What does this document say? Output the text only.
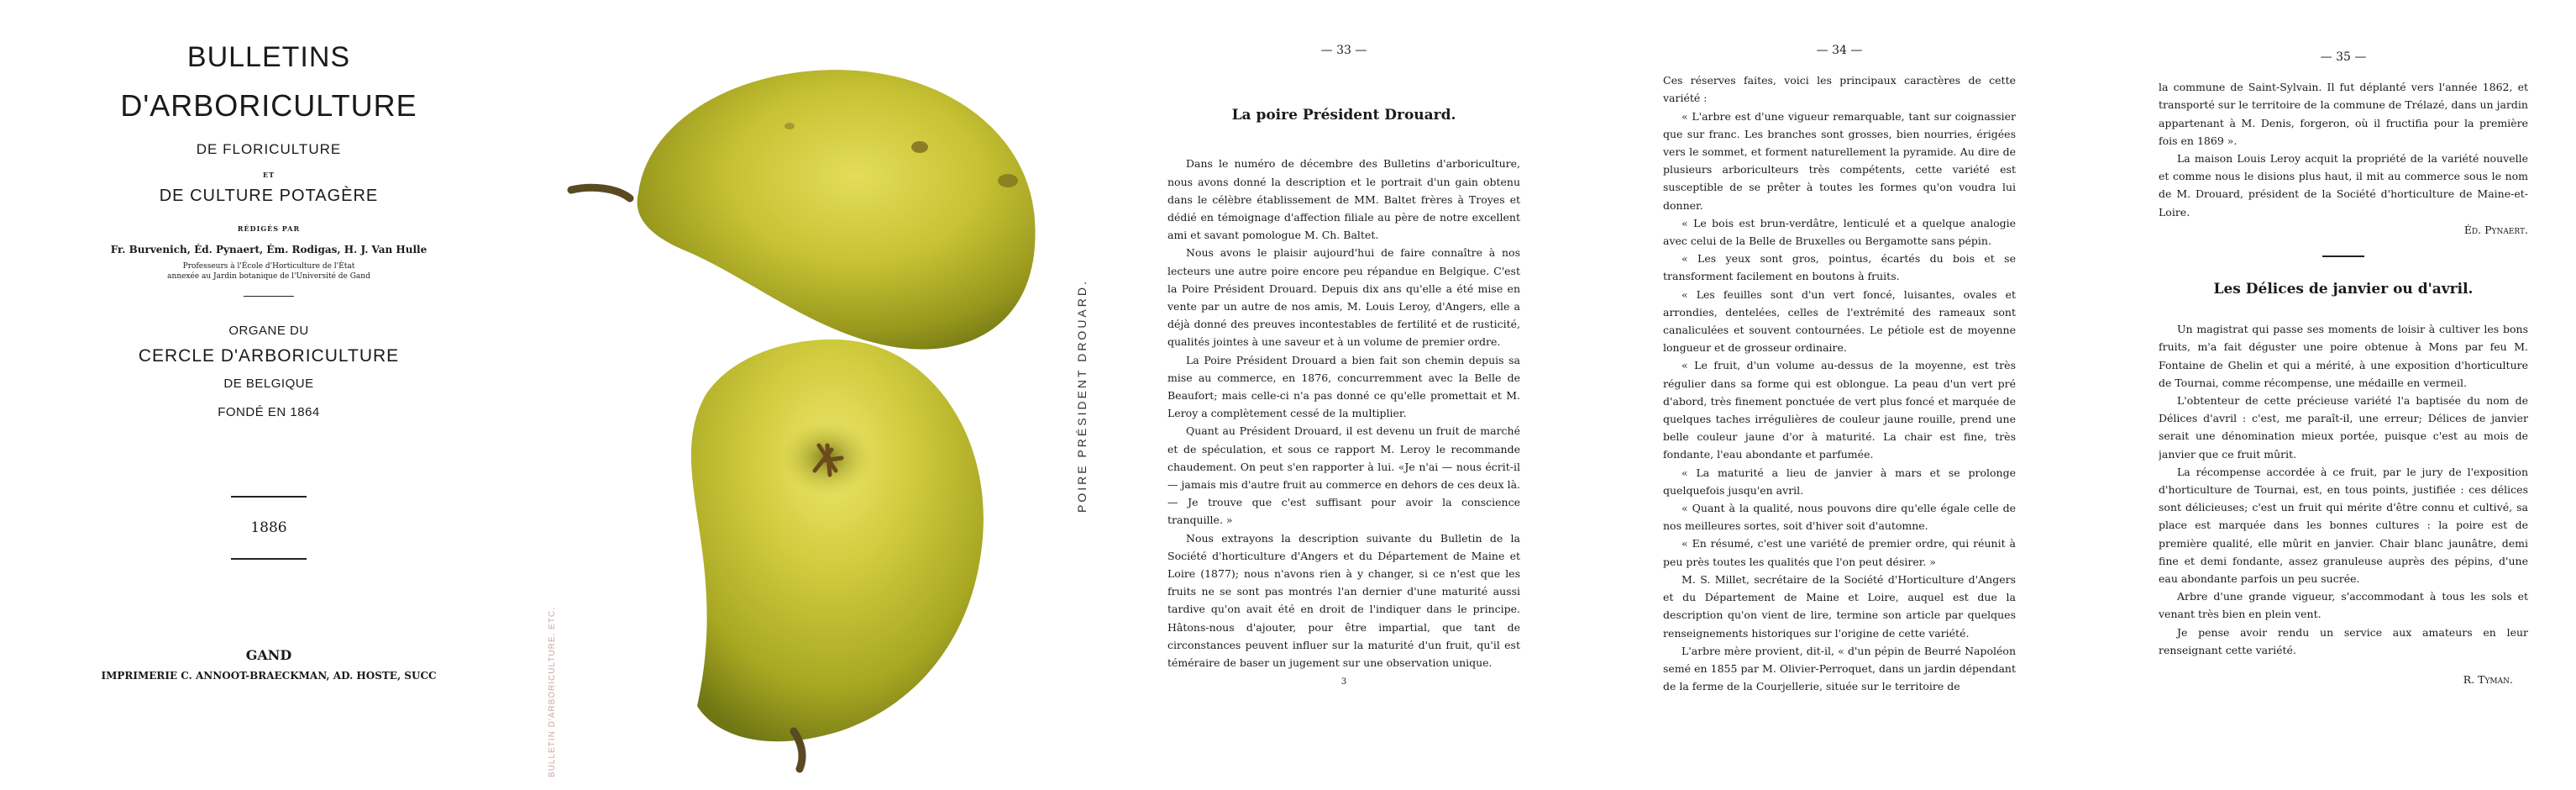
BULLETINS
D'ARBORICULTURE
DE FLORICULTURE
ET
DE CULTURE POTAGÈRE
RÉDIGÉS PAR
Fr. Burvenich, Éd. Pynaert, Ém. Rodigas, H. J. Van Hulle
Professeurs à l'École d'Horticulture de l'État
annexée au Jardin botanique de l'Université de Gand
ORGANE DU
CERCLE D'ARBORICULTURE
DE BELGIQUE
FONDÉ EN 1864
1886
GAND
IMPRIMERIE C. ANNOOT-BRAECKMAN, AD. HOSTE, SUCC
POIRE PRÉSIDENT DROUARD.
BULLETIN D'ARBORICULTURE, ETC.
— 33 —
La poire Président Drouard.

Dans le numéro de décembre des Bulletins d'arboriculture, nous avons donné la description et le portrait d'un gain obtenu dans le célèbre établissement de MM. Baltet frères à Troyes et dédié en témoignage d'affection filiale au père de notre excellent ami et savant pomologue M. Ch. Baltet.

Nous avons le plaisir aujourd'hui de faire connaître à nos lecteurs une autre poire encore peu répandue en Belgique. C'est la Poire Président Drouard. Depuis dix ans qu'elle a été mise en vente par un autre de nos amis, M. Louis Leroy, d'Angers, elle a déjà donné des preuves incontestables de fertilité et de rusticité, qualités jointes à une saveur et à un volume de premier ordre.

La Poire Président Drouard a bien fait son chemin depuis sa mise au commerce, en 1876, concurremment avec la Belle de Beaufort; mais celle-ci n'a pas donné ce qu'elle promettait et M. Leroy a complètement cessé de la multiplier.

Quant au Président Drouard, il est devenu un fruit de marché et de spéculation, et sous ce rapport M. Leroy le recommande chaudement. On peut s'en rapporter à lui. «Je n'ai — nous écrit-il — jamais mis d'autre fruit au commerce en dehors de ces deux là. — Je trouve que c'est suffisant pour avoir la conscience tranquille. »

Nous extrayons la description suivante du Bulletin de la Société d'horticulture d'Angers et du Département de Maine et Loire (1877); nous n'avons rien à y changer, si ce n'est que les fruits ne se sont pas montrés l'an dernier d'une maturité aussi tardive qu'on avait été en droit de l'indiquer dans le principe. Hâtons-nous d'ajouter, pour être impartial, que tant de circonstances peuvent influer sur la maturité d'un fruit, qu'il est téméraire de baser un jugement sur une observation unique.

3
— 34 —

Ces réserves faites, voici les principaux caractères de cette variété :

« L'arbre est d'une vigueur remarquable, tant sur coignassier que sur franc. Les branches sont grosses, bien nourries, érigées vers le sommet, et forment naturellement la pyramide. Au dire de plusieurs arboriculteurs très compétents, cette variété est susceptible de se prêter à toutes les formes qu'on voudra lui donner.

« Le bois est brun-verdâtre, lenticulé et a quelque analogie avec celui de la Belle de Bruxelles ou Bergamotte sans pépin.

« Les yeux sont gros, pointus, écartés du bois et se transforment facilement en boutons à fruits.

« Les feuilles sont d'un vert foncé, luisantes, ovales et arrondies, dentelées, celles de l'extrémité des rameaux sont canaliculées et souvent contournées. Le pétiole est de moyenne longueur et de grosseur ordinaire.

« Le fruit, d'un volume au-dessus de la moyenne, est très régulier dans sa forme qui est oblongue. La peau d'un vert pré d'abord, très finement ponctuée de vert plus foncé et marquée de quelques taches irrégulières de couleur jaune rouille, prend une belle couleur jaune d'or à maturité. La chair est fine, très fondante, l'eau abondante et parfumée.

« La maturité a lieu de janvier à mars et se prolonge quelquefois jusqu'en avril.

« Quant à la qualité, nous pouvons dire qu'elle égale celle de nos meilleures sortes, soit d'hiver soit d'automne.

« En résumé, c'est une variété de premier ordre, qui réunit à peu près toutes les qualités que l'on peut désirer. »

M. S. Millet, secrétaire de la Société d'Horticulture d'Angers et du Département de Maine et Loire, auquel est due la description qu'on vient de lire, termine son article par quelques renseignements historiques sur l'origine de cette variété.

L'arbre mère provient, dit-il, « d'un pépin de Beurré Napoléon semé en 1855 par M. Olivier-Perroquet, dans un jardin dépendant de la ferme de la Courjellerie, située sur le territoire de

— 35 —

la commune de Saint-Sylvain. Il fut déplanté vers l'année 1862, et transporté sur le territoire de la commune de Trélazé, dans un jardin appartenant à M. Denis, forgeron, où il fructifia pour la première fois en 1869 ».

La maison Louis Leroy acquit la propriété de la variété nouvelle et comme nous le disions plus haut, il mit au commerce sous le nom de M. Drouard, président de la Société d'horticulture de Maine-et-Loire.

Éd. Pynaert.
Les Délices de janvier ou d'avril.

Un magistrat qui passe ses moments de loisir à cultiver les bons fruits, m'a fait déguster une poire obtenue à Mons par feu M. Fontaine de Ghelin et qui a mérité, à une exposition d'horticulture de Tournai, comme récompense, une médaille en vermeil.

L'obtenteur de cette précieuse variété l'a baptisée du nom de Délices d'avril : c'est, me paraît-il, une erreur; Délices de janvier serait une dénomination mieux portée, puisque c'est au mois de janvier que ce fruit mûrit.

La récompense accordée à ce fruit, par le jury de l'exposition d'horticulture de Tournai, est, en tous points, justifiée : ces délices sont délicieuses; c'est un fruit qui mérite d'être connu et cultivé, sa place est marquée dans les bonnes cultures : la poire est de première qualité, elle mûrit en janvier. Chair blanc jaunâtre, demi fine et demi fondante, assez granuleuse auprès des pépins, d'une eau abondante parfois un peu sucrée.

Arbre d'une grande vigueur, s'accommodant à tous les sols et venant très bien en plein vent.

Je pense avoir rendu un service aux amateurs en leur renseignant cette variété.

R. Tyman.
